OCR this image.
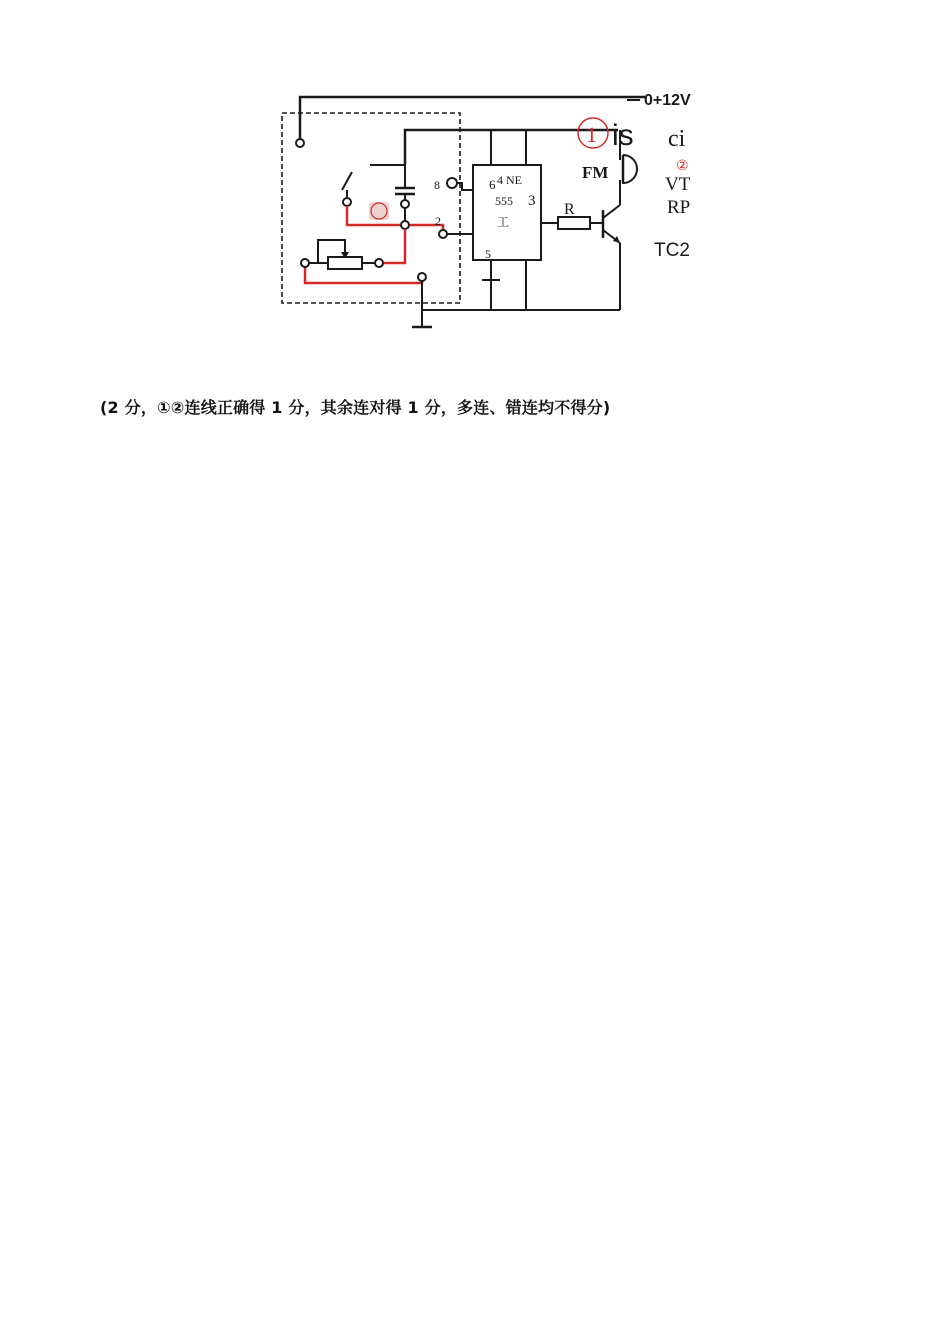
0+12V
6 4 NE
555
工
5
3
8
2
R
FM
1 is ci
②
VT
RP
TC2
(2 分，①②连线正确得 1 分，其余连对得 1 分，多连、错连均不得分)
